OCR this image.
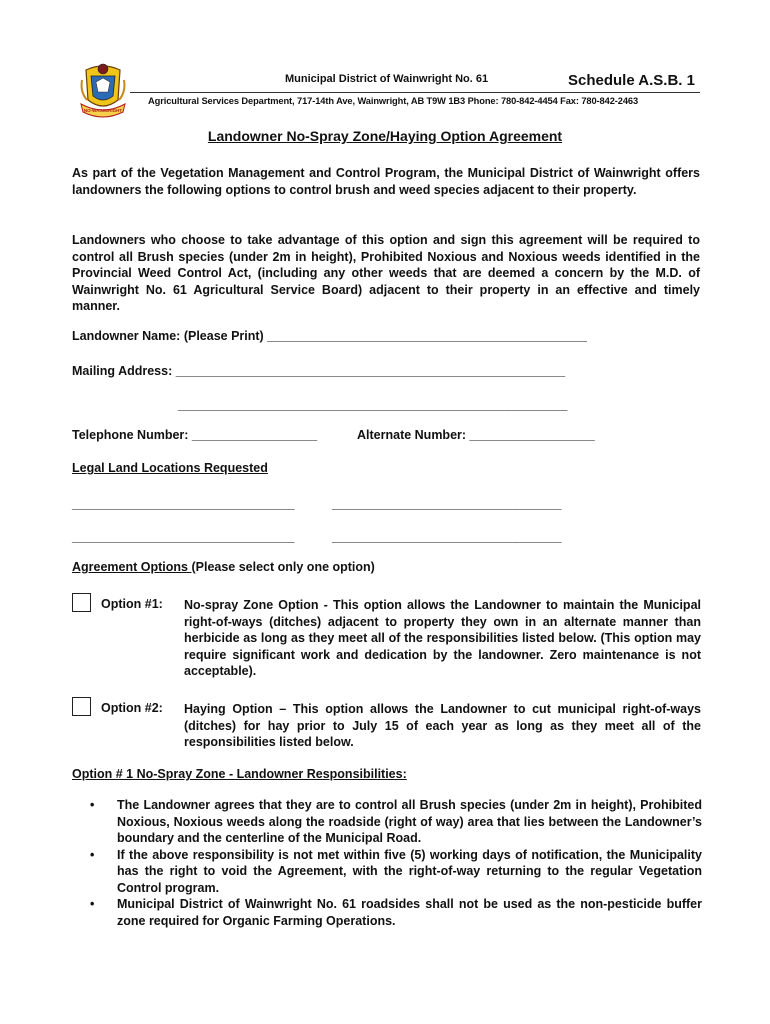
NO-WAINWRIGHT
Municipal District of Wainwright No. 61	Schedule A.S.B. 1
Agricultural Services Department, 717-14th Ave, Wainwright, AB T9W 1B3 Phone: 780-842-4454 Fax: 780-842-2463
Landowner No-Spray Zone/Haying Option Agreement
As part of the Vegetation Management and Control Program, the Municipal District of Wainwright offers landowners the following options to control brush and weed species adjacent to their property.
Landowners who choose to take advantage of this option and sign this agreement will be required to control all Brush species (under 2m in height), Prohibited Noxious and Noxious weeds identified in the Provincial Weed Control Act, (including any other weeds that are deemed a concern by the M.D. of Wainwright No. 61 Agricultural Service Board) adjacent to their property in an effective and timely manner.
Landowner Name: (Please Print) ______________________________________________
Mailing Address: ________________________________________________________
________________________________________________________
Telephone Number: __________________	Alternate Number: __________________
Legal Land Locations Requested
________________________________	_________________________________
________________________________	_________________________________
Agreement Options (Please select only one option)
Option #1: No-spray Zone Option - This option allows the Landowner to maintain the Municipal right-of-ways (ditches) adjacent to property they own in an alternate manner than herbicide as long as they meet all of the responsibilities listed below. (This option may require significant work and dedication by the landowner. Zero maintenance is not acceptable).
Option #2: Haying Option – This option allows the Landowner to cut municipal right-of-ways (ditches) for hay prior to July 15 of each year as long as they meet all of the responsibilities listed below.
Option # 1 No-Spray Zone - Landowner Responsibilities:
• The Landowner agrees that they are to control all Brush species (under 2m in height), Prohibited Noxious, Noxious weeds along the roadside (right of way) area that lies between the Landowner’s boundary and the centerline of the Municipal Road.
• If the above responsibility is not met within five (5) working days of notification, the Municipality has the right to void the Agreement, with the right-of-way returning to the regular Vegetation Control program.
• Municipal District of Wainwright No. 61 roadsides shall not be used as the non-pesticide buffer zone required for Organic Farming Operations.
